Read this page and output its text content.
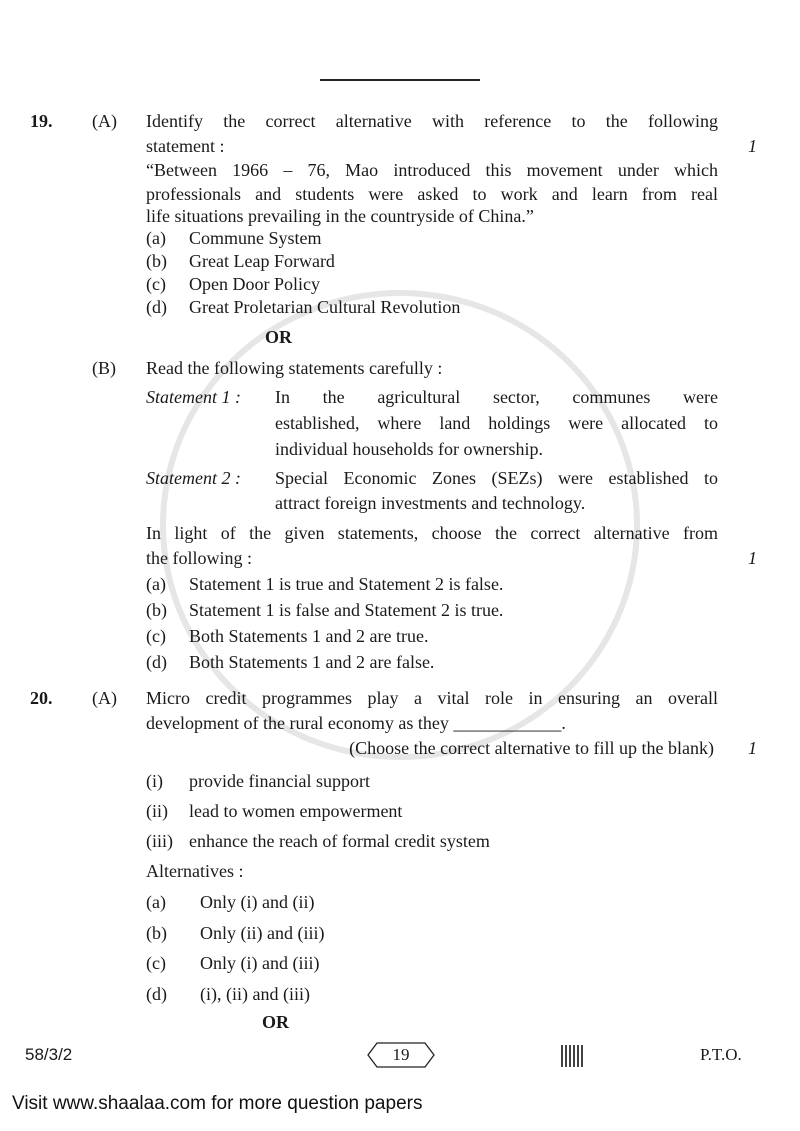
19. (A) Identify the correct alternative with reference to the following
statement :	1
“Between 1966 – 76, Mao introduced this movement under which
professionals and students were asked to work and learn from real
life situations prevailing in the countryside of China.”
(a) Commune System
(b) Great Leap Forward
(c) Open Door Policy
(d) Great Proletarian Cultural Revolution
OR
(B) Read the following statements carefully :
Statement 1 : In the agricultural sector, communes were
established, where land holdings were allocated to
individual households for ownership.
Statement 2 : Special Economic Zones (SEZs) were established to
attract foreign investments and technology.
In light of the given statements, choose the correct alternative from
the following :	1
(a) Statement 1 is true and Statement 2 is false.
(b) Statement 1 is false and Statement 2 is true.
(c) Both Statements 1 and 2 are true.
(d) Both Statements 1 and 2 are false.
20. (A) Micro credit programmes play a vital role in ensuring an overall
development of the rural economy as they ____________.
(Choose the correct alternative to fill up the blank) 1
(i) provide financial support
(ii) lead to women empowerment
(iii) enhance the reach of formal credit system
Alternatives :
(a) Only (i) and (ii)
(b) Only (ii) and (iii)
(c) Only (i) and (iii)
(d) (i), (ii) and (iii)
OR
58/3/2	19	P.T.O.
Visit www.shaalaa.com for more question papers
